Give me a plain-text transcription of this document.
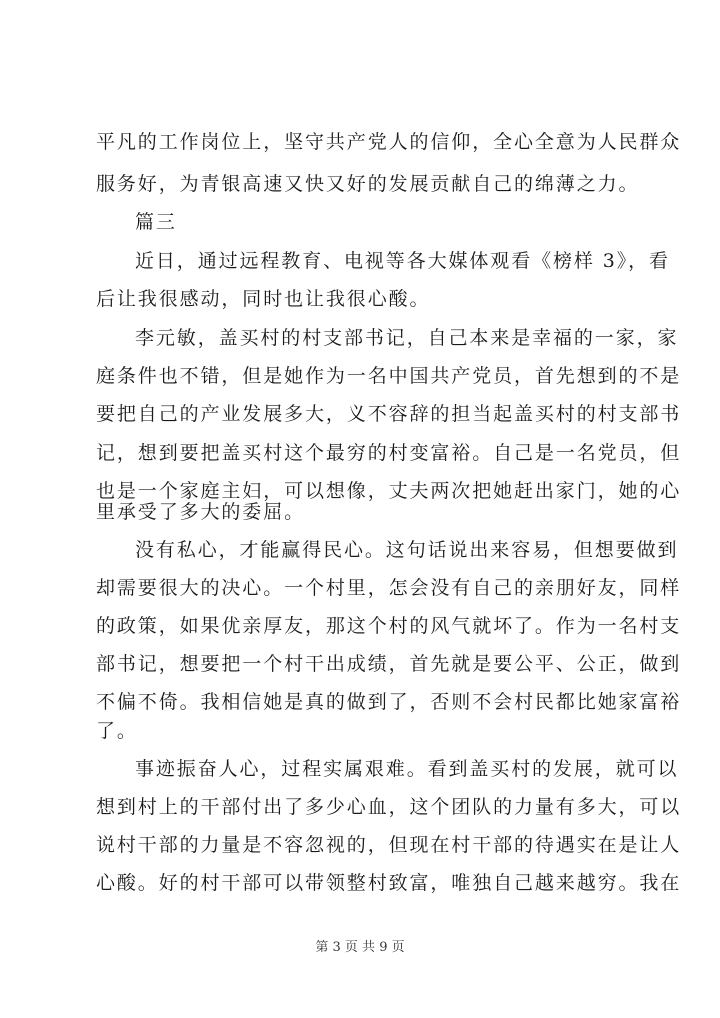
平凡的工作岗位上，坚守共产党人的信仰，全心全意为人民群众
服务好，为青银高速又快又好的发展贡献自己的绵薄之力。
篇三
近日，通过远程教育、电视等各大媒体观看《榜样 3》，看
后让我很感动，同时也让我很心酸。
李元敏，盖买村的村支部书记，自己本来是幸福的一家，家
庭条件也不错，但是她作为一名中国共产党员，首先想到的不是
要把自己的产业发展多大，义不容辞的担当起盖买村的村支部书
记，想到要把盖买村这个最穷的村变富裕。自己是一名党员，但
也是一个家庭主妇，可以想像，丈夫两次把她赶出家门，她的心
里承受了多大的委屈。
没有私心，才能赢得民心。这句话说出来容易，但想要做到
却需要很大的决心。一个村里，怎会没有自己的亲朋好友，同样
的政策，如果优亲厚友，那这个村的风气就坏了。作为一名村支
部书记，想要把一个村干出成绩，首先就是要公平、公正，做到
不偏不倚。我相信她是真的做到了，否则不会村民都比她家富裕
了。
事迹振奋人心，过程实属艰难。看到盖买村的发展，就可以
想到村上的干部付出了多少心血，这个团队的力量有多大，可以
说村干部的力量是不容忽视的，但现在村干部的待遇实在是让人
心酸。好的村干部可以带领整村致富，唯独自己越来越穷。我在
第 3 页 共 9 页
